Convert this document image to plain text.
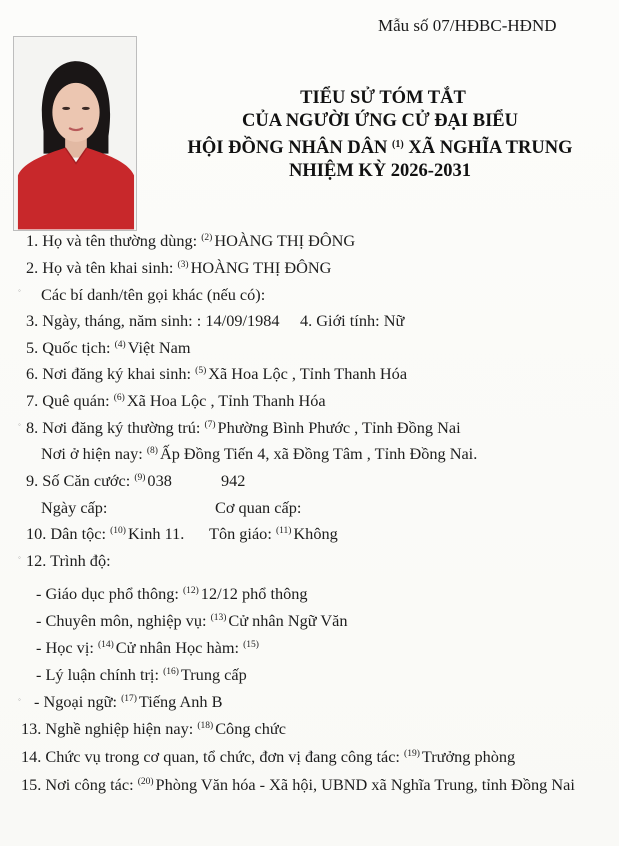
Mẫu số 07/HĐBC-HĐND
TIỂU SỬ TÓM TẮT
CỦA NGƯỜI ỨNG CỬ ĐẠI BIỂU
HỘI ĐỒNG NHÂN DÂN $^{(1)}$ XÃ NGHĨA TRUNG
NHIỆM KỲ 2026-2031
1. Họ và tên thường dùng: $^{(2)}$ HOÀNG THỊ ĐÔNG
2. Họ và tên khai sinh: $^{(3)}$ HOÀNG THỊ ĐÔNG
◦ Các bí danh/tên gọi khác (nếu có):
3. Ngày, tháng, năm sinh: : 14/09/1984 4. Giới tính: Nữ
5. Quốc tịch: $^{(4)}$ Việt Nam
6. Nơi đăng ký khai sinh: $^{(5)}$ Xã Hoa Lộc , Tỉnh Thanh Hóa
7. Quê quán: $^{(6)}$ Xã Hoa Lộc , Tỉnh Thanh Hóa
◦ 8. Nơi đăng ký thường trú: $^{(7)}$ Phường Bình Phước , Tỉnh Đồng Nai
Nơi ở hiện nay: $^{(8)}$ Ấp Đồng Tiến 4, xã Đồng Tâm , Tỉnh Đồng Nai.
9. Số Căn cước: $^{(9)}$ 038	942
Ngày cấp:	Cơ quan cấp:
10. Dân tộc: $^{(10)}$ Kinh 11. Tôn giáo: $^{(11)}$ Không
◦ 12. Trình độ:
- Giáo dục phổ thông: $^{(12)}$ 12/12 phổ thông
- Chuyên môn, nghiệp vụ: $^{(13)}$ Cử nhân Ngữ Văn
- Học vị: $^{(14)}$ Cử nhân Học hàm: $^{(15)}$
- Lý luận chính trị: $^{(16)}$ Trung cấp
◦ - Ngoại ngữ: $^{(17)}$ Tiếng Anh B
13. Nghề nghiệp hiện nay: $^{(18)}$ Công chức
14. Chức vụ trong cơ quan, tổ chức, đơn vị đang công tác: $^{(19)}$ Trưởng phòng
15. Nơi công tác: $^{(20)}$ Phòng Văn hóa - Xã hội, UBND xã Nghĩa Trung, tỉnh Đồng Nai
